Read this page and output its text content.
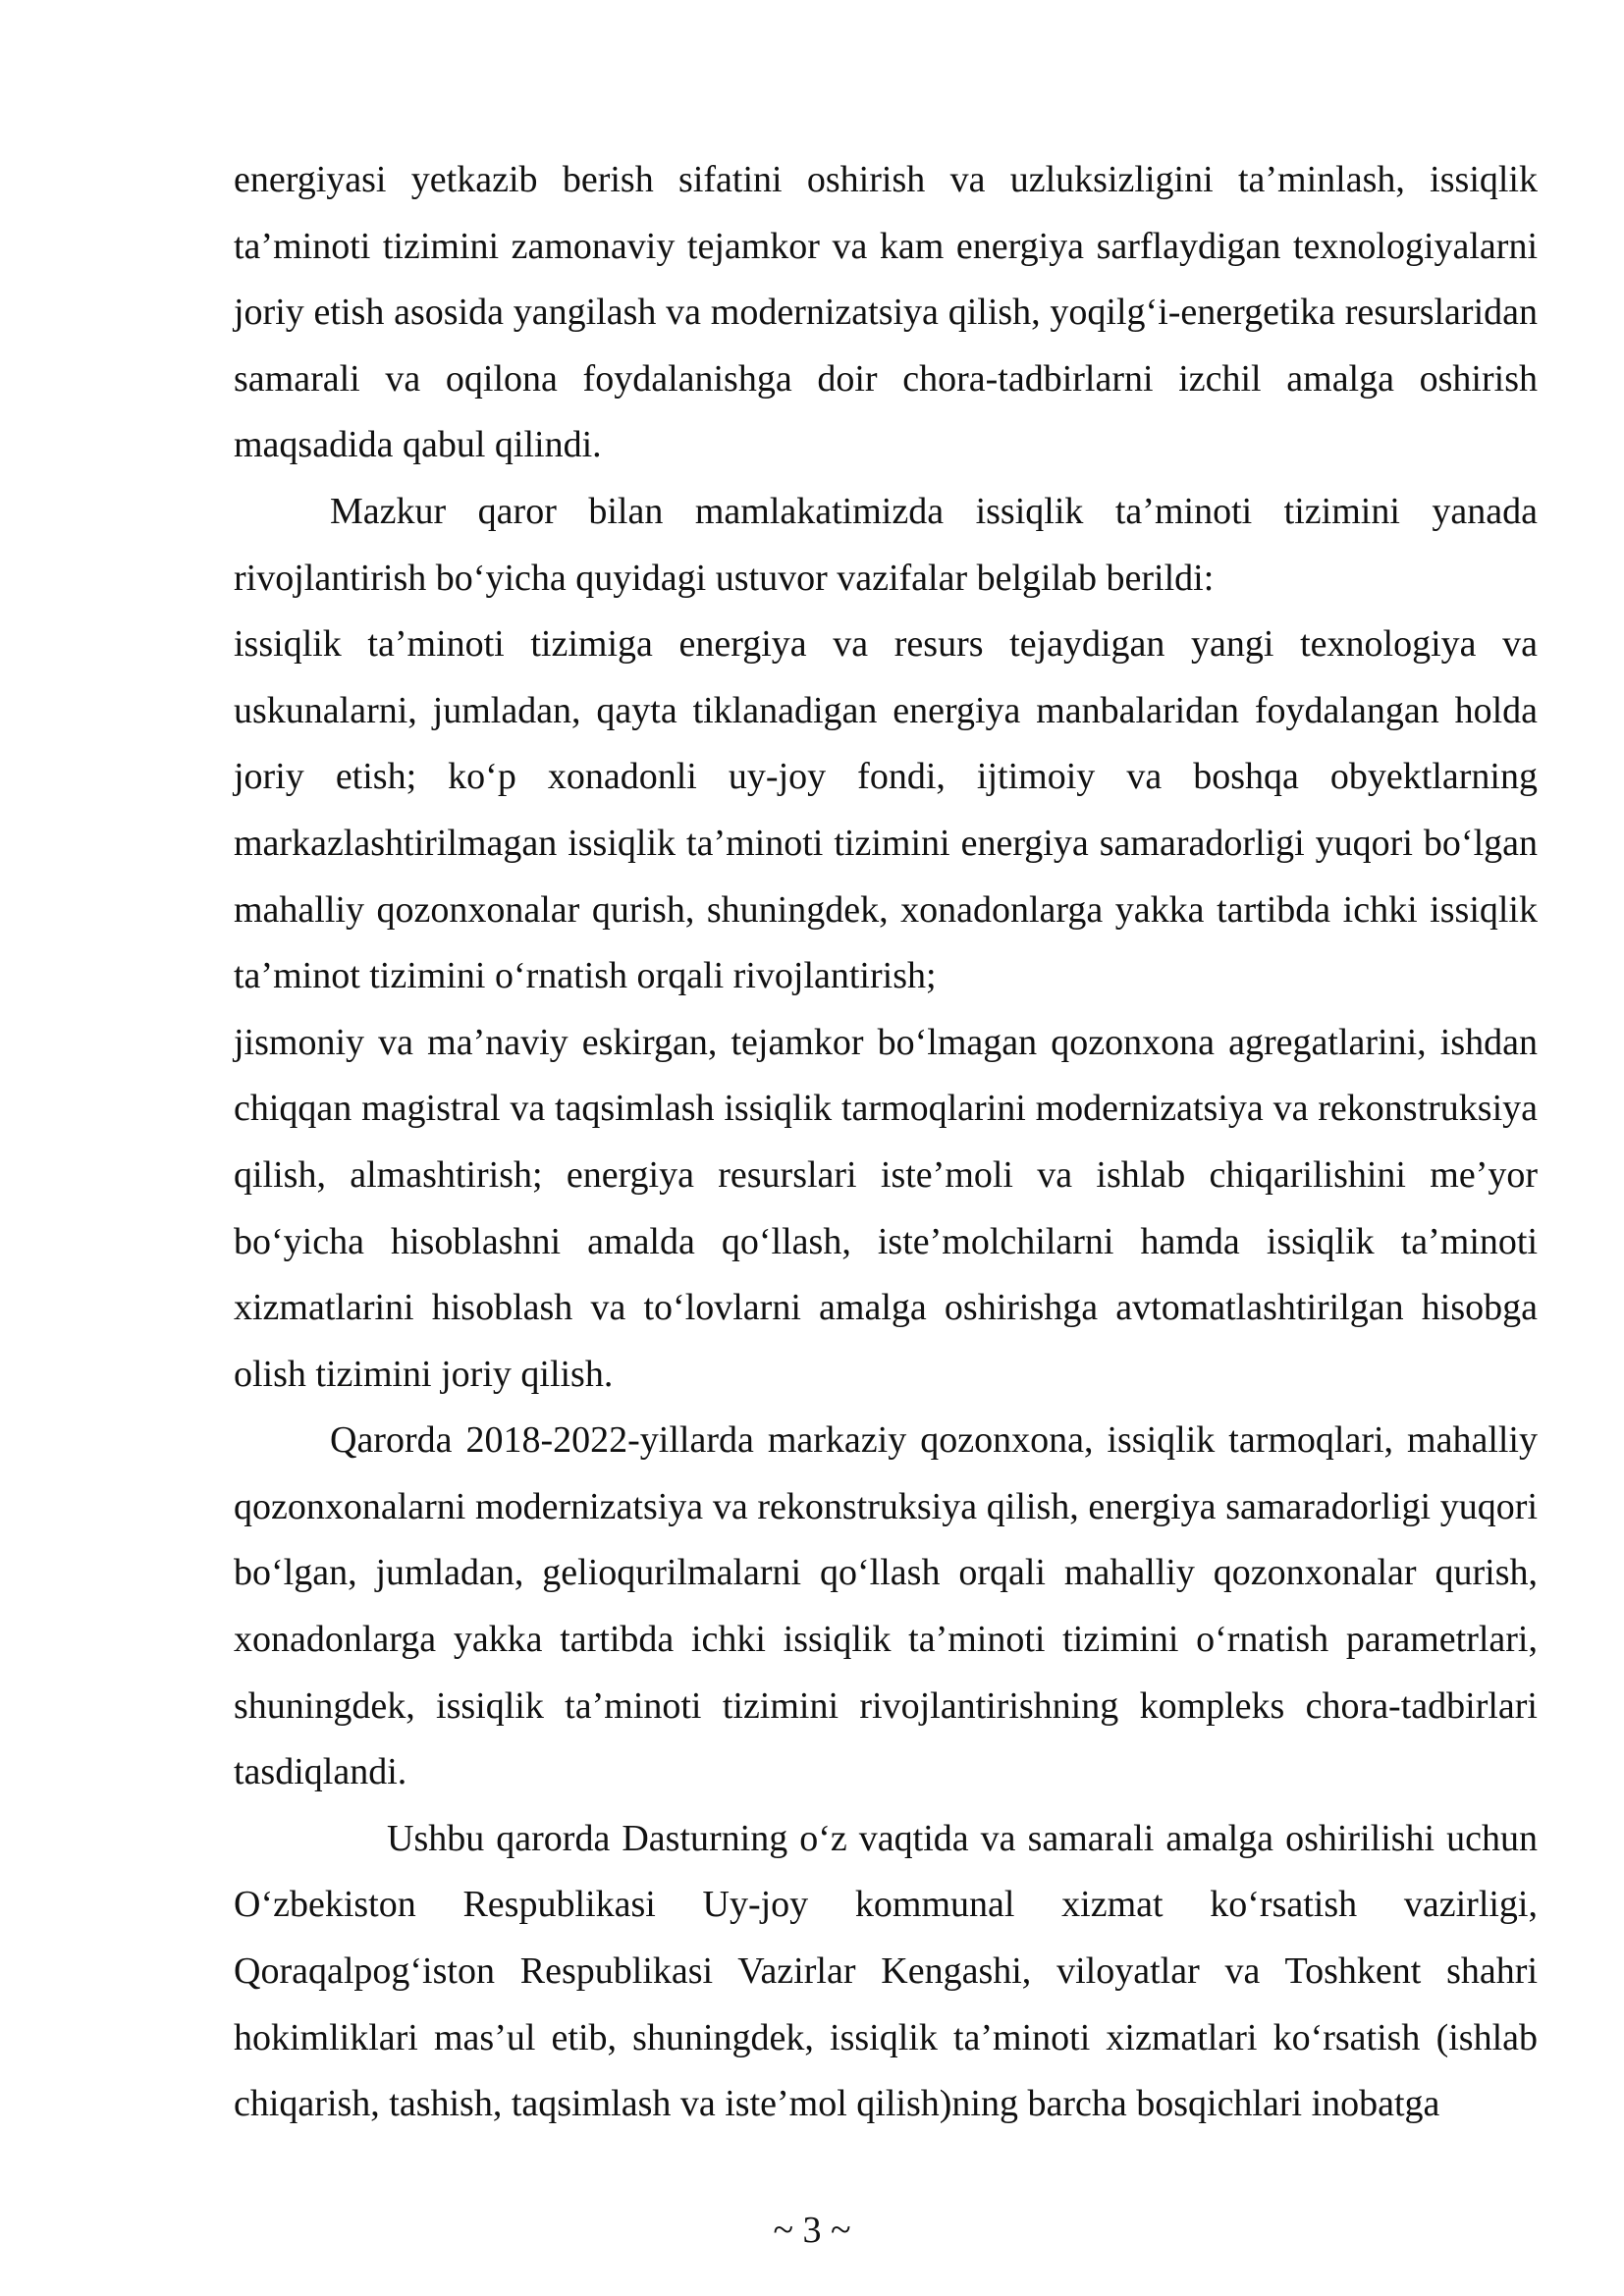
energiyasi yetkazib berish sifatini oshirish va uzluksizligini ta’minlash, issiqlik ta’minoti tizimini zamonaviy tejamkor va kam energiya sarflaydigan texnologiyalarni joriy etish asosida yangilash va modernizatsiya qilish, yoqilg‘i-energetika resurslaridan samarali va oqilona foydalanishga doir chora-tadbirlarni izchil amalga oshirish maqsadida qabul qilindi.

Mazkur qaror bilan mamlakatimizda issiqlik ta’minoti tizimini yanada rivojlantirish bo‘yicha quyidagi ustuvor vazifalar belgilab berildi:

issiqlik ta’minoti tizimiga energiya va resurs tejaydigan yangi texnologiya va uskunalarni, jumladan, qayta tiklanadigan energiya manbalaridan foydalangan holda joriy etish; ko‘p xonadonli uy-joy fondi, ijtimoiy va boshqa obyektlarning markazlashtirilmagan issiqlik ta’minoti tizimini energiya samaradorligi yuqori bo‘lgan mahalliy qozonxonalar qurish, shuningdek, xonadonlarga yakka tartibda ichki issiqlik ta’minot tizimini o‘rnatish orqali rivojlantirish;

jismoniy va ma’naviy eskirgan, tejamkor bo‘lmagan qozonxona agregatlarini, ishdan chiqqan magistral va taqsimlash issiqlik tarmoqlarini modernizatsiya va rekonstruksiya qilish, almashtirish; energiya resurslari iste’moli va ishlab chiqarilishini me’yor bo‘yicha hisoblashni amalda qo‘llash, iste’molchilarni hamda issiqlik ta’minoti xizmatlarini hisoblash va to‘lovlarni amalga oshirishga avtomatlashtirilgan hisobga olish tizimini joriy qilish.

Qarorda 2018-2022-yillarda markaziy qozonxona, issiqlik tarmoqlari, mahalliy qozonxonalarni modernizatsiya va rekonstruksiya qilish, energiya samaradorligi yuqori bo‘lgan, jumladan, gelioqurilmalarni qo‘llash orqali mahalliy qozonxonalar qurish, xonadonlarga yakka tartibda ichki issiqlik ta’minoti tizimini o‘rnatish parametrlari, shuningdek, issiqlik ta’minoti tizimini rivojlantirishning kompleks chora-tadbirlari tasdiqlandi.

Ushbu qarorda Dasturning o‘z vaqtida va samarali amalga oshirilishi uchun O‘zbekiston Respublikasi Uy-joy kommunal xizmat ko‘rsatish vazirligi, Qoraqalpog‘iston Respublikasi Vazirlar Kengashi, viloyatlar va Toshkent shahri hokimliklari mas’ul etib, shuningdek, issiqlik ta’minoti xizmatlari ko‘rsatish (ishlab chiqarish, tashish, taqsimlash va iste’mol qilish)ning barcha bosqichlari inobatga

~ 3 ~
